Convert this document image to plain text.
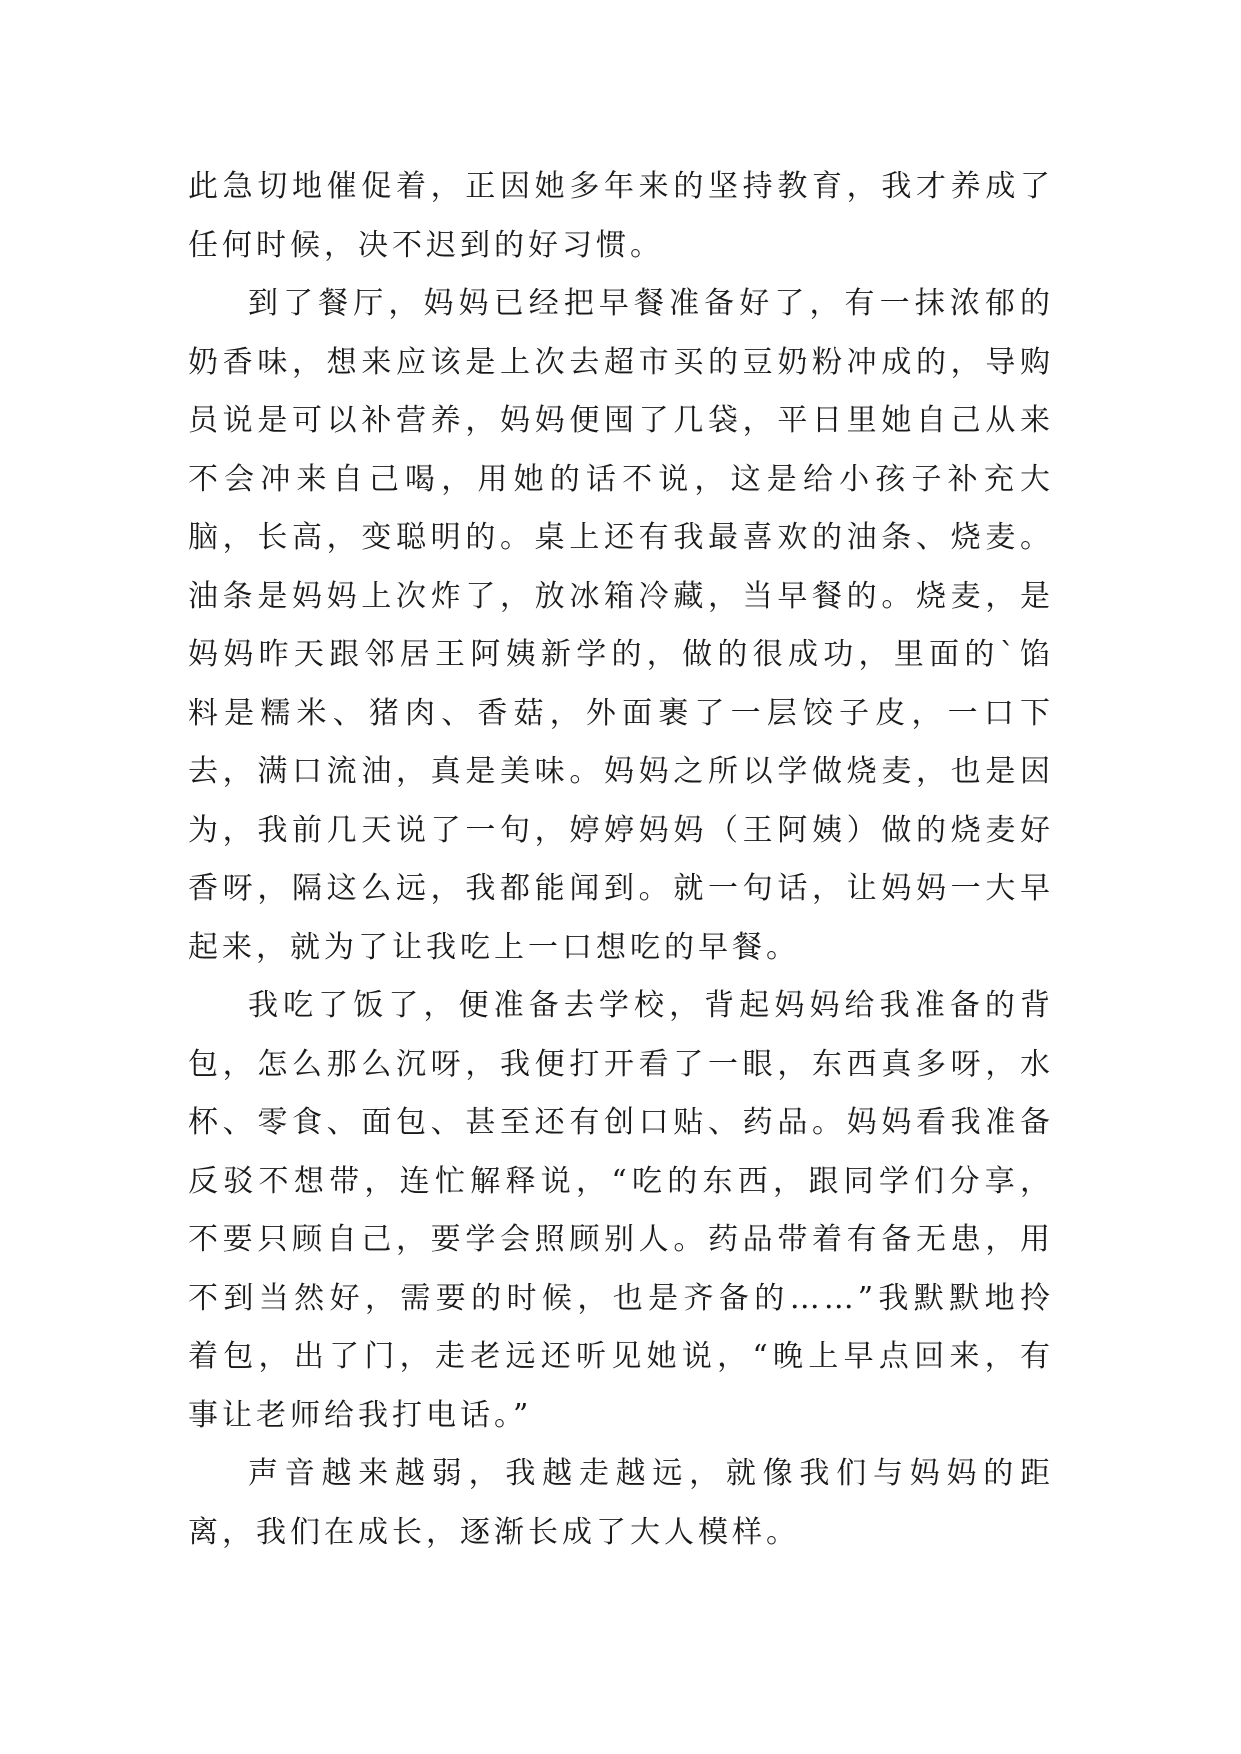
此急切地催促着，正因她多年来的坚持教育，我才养成了任何时候，决不迟到的好习惯。

到了餐厅，妈妈已经把早餐准备好了，有一抹浓郁的奶香味，想来应该是上次去超市买的豆奶粉冲成的，导购员说是可以补营养，妈妈便囤了几袋，平日里她自己从来不会冲来自己喝，用她的话不说，这是给小孩子补充大脑，长高，变聪明的。桌上还有我最喜欢的油条、烧麦。油条是妈妈上次炸了，放冰箱冷藏，当早餐的。烧麦，是妈妈昨天跟邻居王阿姨新学的，做的很成功，里面的`馅料是糯米、猪肉、香菇，外面裹了一层饺子皮，一口下去，满口流油，真是美味。妈妈之所以学做烧麦，也是因为，我前几天说了一句，婷婷妈妈（王阿姨）做的烧麦好香呀，隔这么远，我都能闻到。就一句话，让妈妈一大早起来，就为了让我吃上一口想吃的早餐。

我吃了饭了，便准备去学校，背起妈妈给我准备的背包，怎么那么沉呀，我便打开看了一眼，东西真多呀，水杯、零食、面包、甚至还有创口贴、药品。妈妈看我准备反驳不想带，连忙解释说，“吃的东西，跟同学们分享，不要只顾自己，要学会照顾别人。药品带着有备无患，用不到当然好，需要的时候，也是齐备的……”我默默地拎着包，出了门，走老远还听见她说，“晚上早点回来，有事让老师给我打电话。”

声音越来越弱，我越走越远，就像我们与妈妈的距离，我们在成长，逐渐长成了大人模样。
